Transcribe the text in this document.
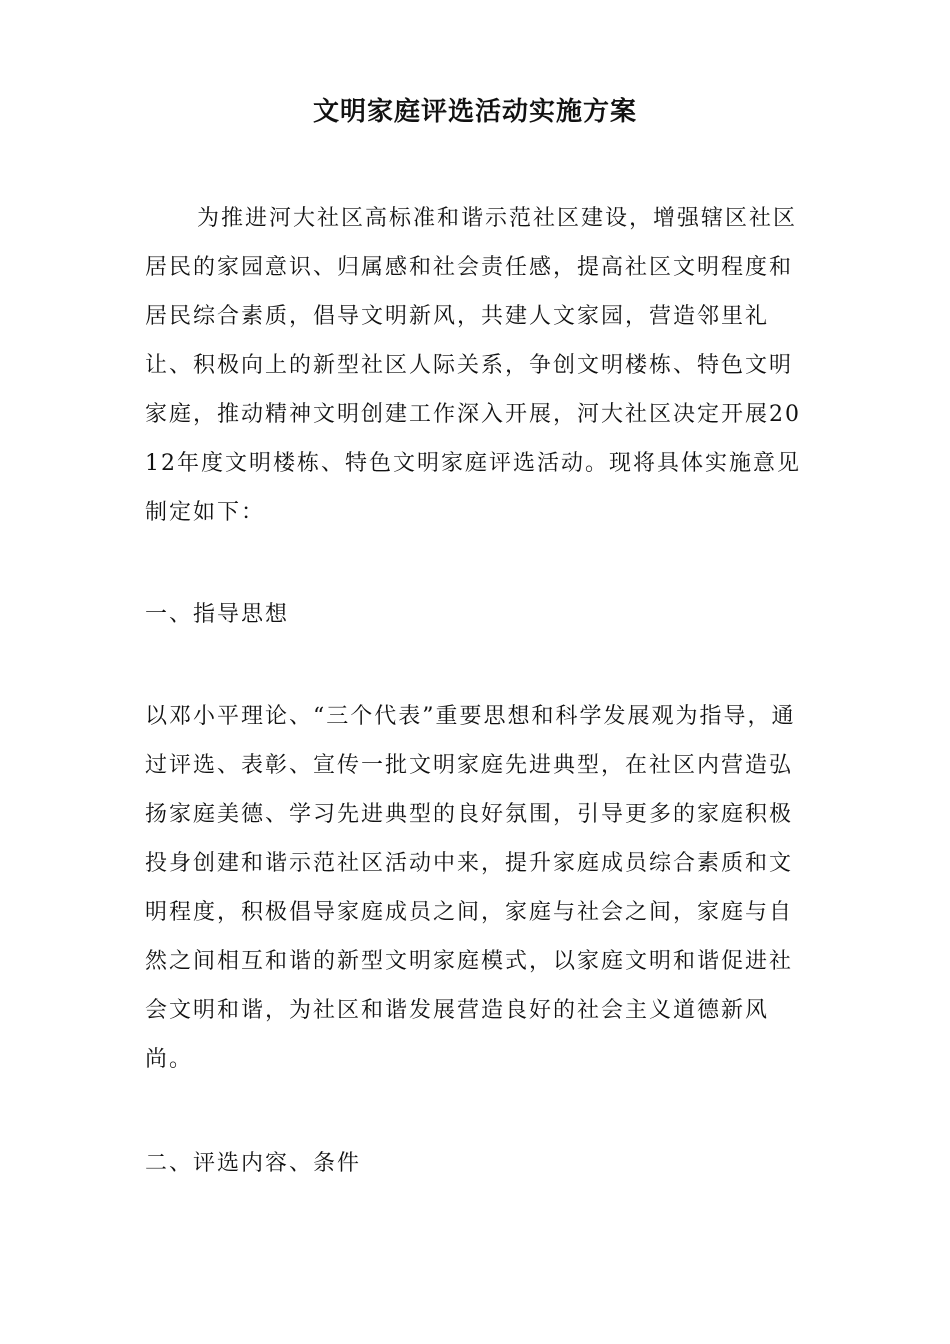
文明家庭评选活动实施方案

为推进河大社区高标准和谐示范社区建设，增强辖区社区居民的家园意识、归属感和社会责任感，提高社区文明程度和居民综合素质，倡导文明新风，共建人文家园，营造邻里礼让、积极向上的新型社区人际关系，争创文明楼栋、特色文明家庭，推动精神文明创建工作深入开展，河大社区决定开展2012年度文明楼栋、特色文明家庭评选活动。现将具体实施意见制定如下：

一、指导思想

以邓小平理论、“三个代表”重要思想和科学发展观为指导，通过评选、表彰、宣传一批文明家庭先进典型，在社区内营造弘扬家庭美德、学习先进典型的良好氛围，引导更多的家庭积极投身创建和谐示范社区活动中来，提升家庭成员综合素质和文明程度，积极倡导家庭成员之间，家庭与社会之间，家庭与自然之间相互和谐的新型文明家庭模式，以家庭文明和谐促进社会文明和谐，为社区和谐发展营造良好的社会主义道德新风尚。

二、评选内容、条件
